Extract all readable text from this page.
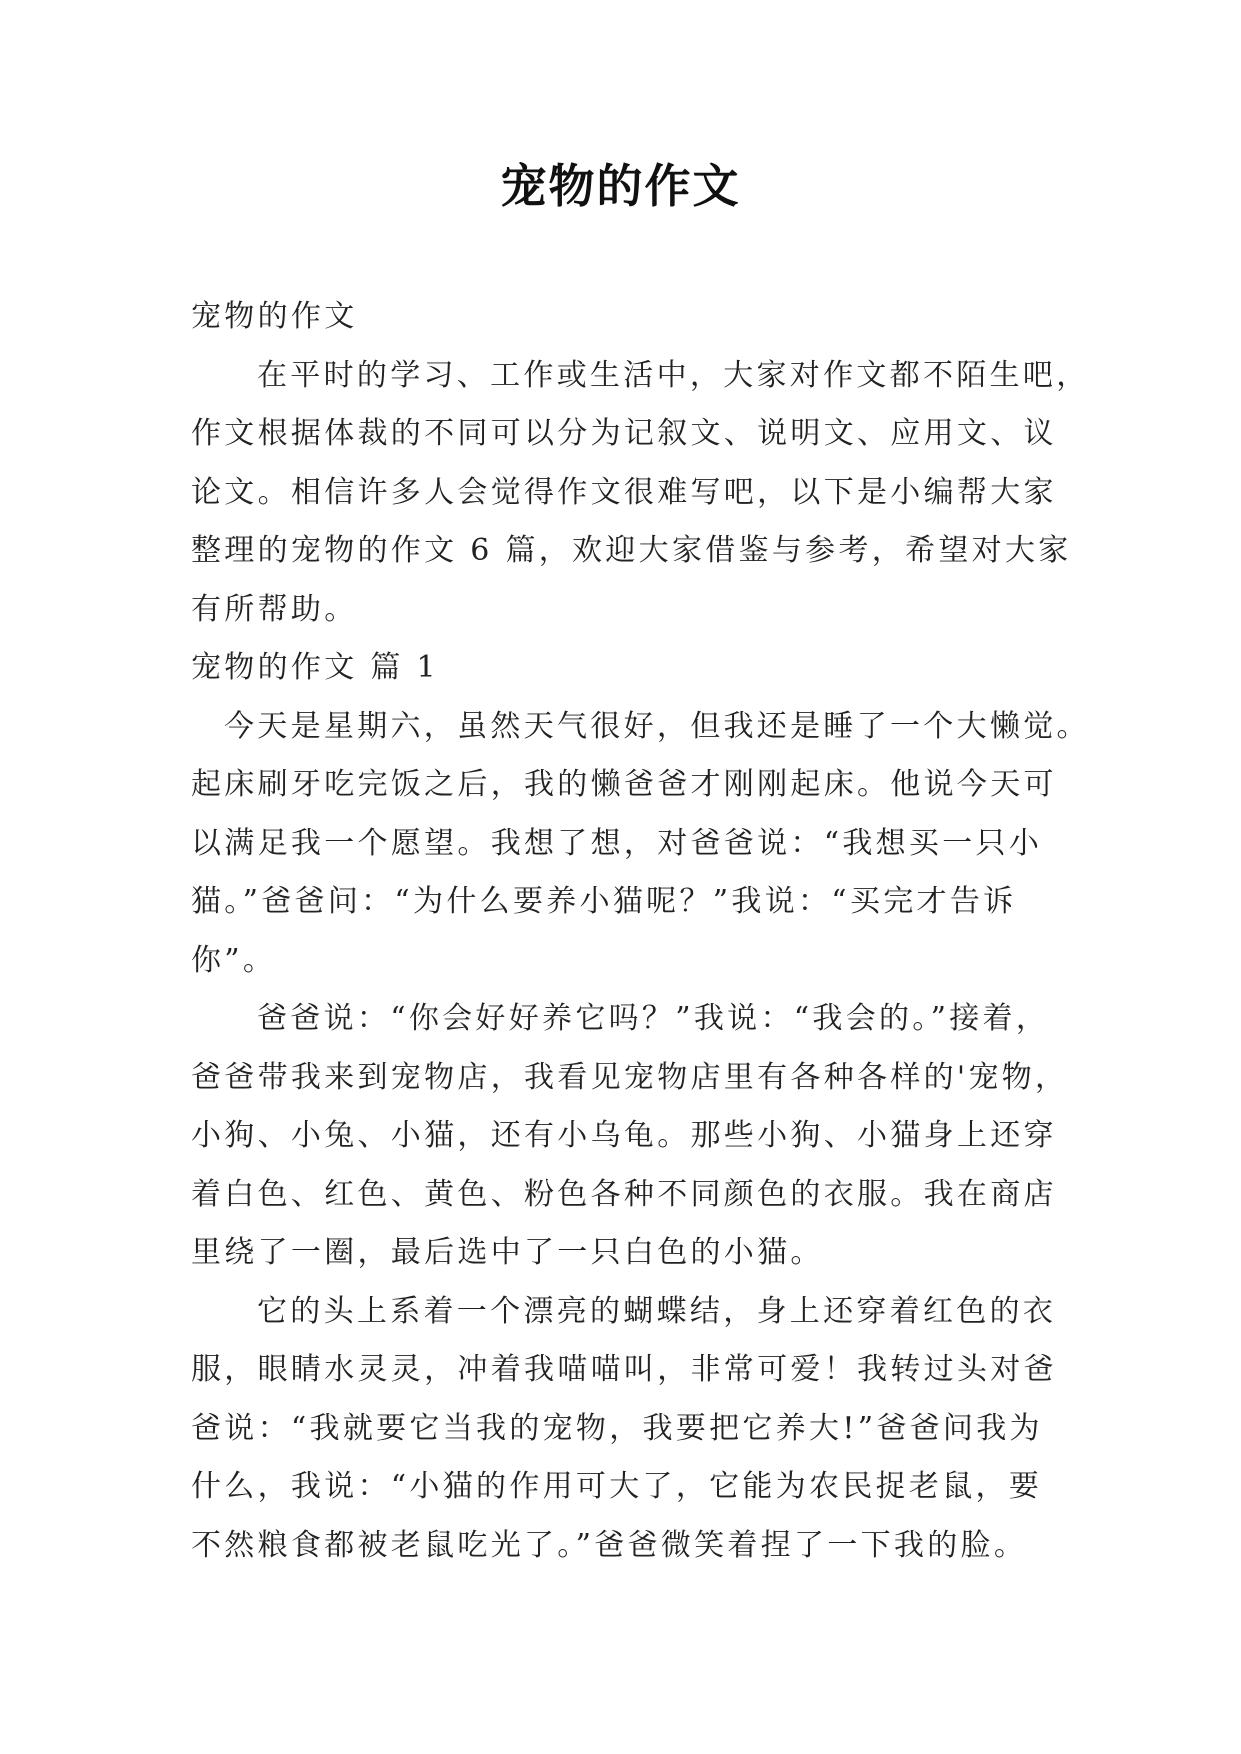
宠物的作文
宠物的作文
在平时的学习、工作或生活中，大家对作文都不陌生吧，
作文根据体裁的不同可以分为记叙文、说明文、应用文、议
论文。相信许多人会觉得作文很难写吧，以下是小编帮大家
整理的宠物的作文 6 篇，欢迎大家借鉴与参考，希望对大家
有所帮助。
宠物的作文 篇 1
今天是星期六，虽然天气很好，但我还是睡了一个大懒觉。
起床刷牙吃完饭之后，我的懒爸爸才刚刚起床。他说今天可
以满足我一个愿望。我想了想，对爸爸说：“我想买一只小
猫。”爸爸问：“为什么要养小猫呢？”我说：“买完才告诉
你”。
爸爸说：“你会好好养它吗？”我说：“我会的。”接着，
爸爸带我来到宠物店，我看见宠物店里有各种各样的'宠物，
小狗、小兔、小猫，还有小乌龟。那些小狗、小猫身上还穿
着白色、红色、黄色、粉色各种不同颜色的衣服。我在商店
里绕了一圈，最后选中了一只白色的小猫。
它的头上系着一个漂亮的蝴蝶结，身上还穿着红色的衣
服，眼睛水灵灵，冲着我喵喵叫，非常可爱！我转过头对爸
爸说：“我就要它当我的宠物，我要把它养大!”爸爸问我为
什么，我说：“小猫的作用可大了，它能为农民捉老鼠，要
不然粮食都被老鼠吃光了。”爸爸微笑着捏了一下我的脸。
